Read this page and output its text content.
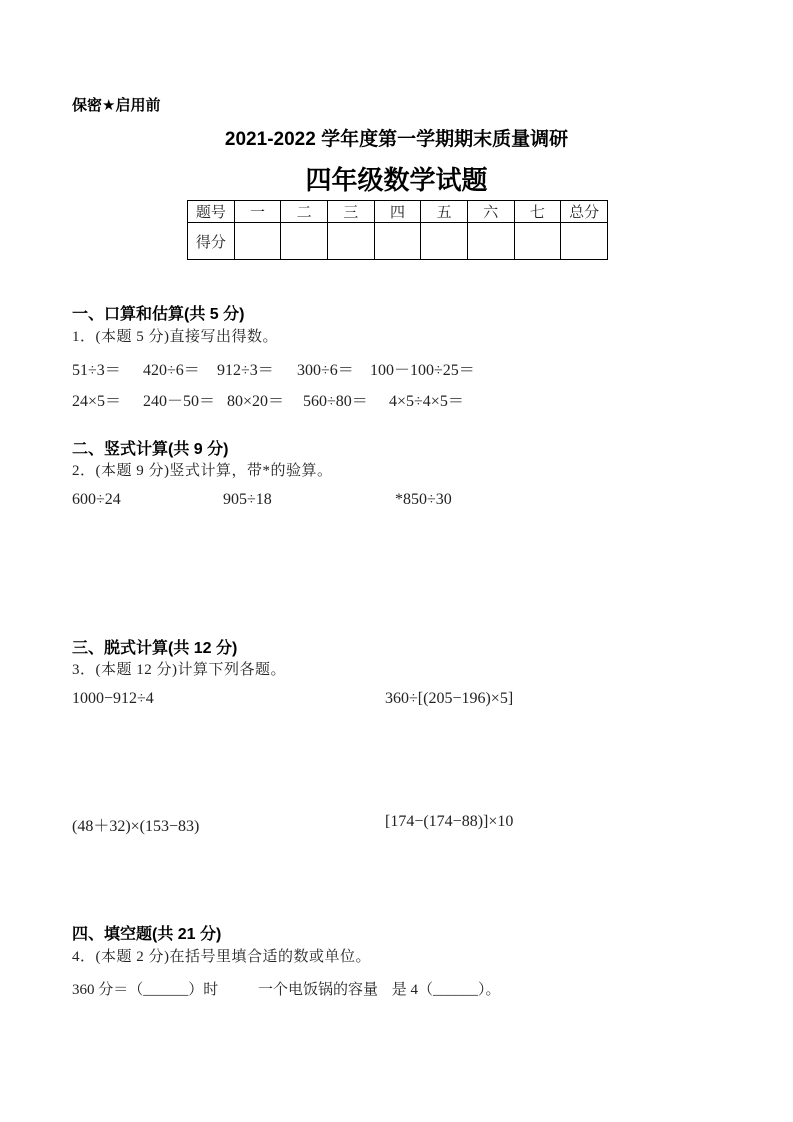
保密★启用前
2021-2022 学年度第一学期期末质量调研
四年级数学试题
题号	一	二	三	四	五	六	七	总分
得分								
一、口算和估算(共 5 分)
1．(本题 5 分)直接写出得数。
51÷3＝	420÷6＝	912÷3＝	300÷6＝	100－100÷25＝
24×5＝	240－50＝ 80×20＝	560÷80＝	4×5÷4×5＝
二、竖式计算(共 9 分)
2．(本题 9 分)竖式计算，带*的验算。
600÷24	905÷18	*850÷30
三、脱式计算(共 12 分)
3．(本题 12 分)计算下列各题。
1000−912÷4	360÷[(205−196)×5]
(48＋32)×(153−83)	[174−(174−88)]×10
四、填空题(共 21 分)
4．(本题 2 分)在括号里填合适的数或单位。
360 分＝（______）时	一个电饭锅的容量 是 4（______）。
